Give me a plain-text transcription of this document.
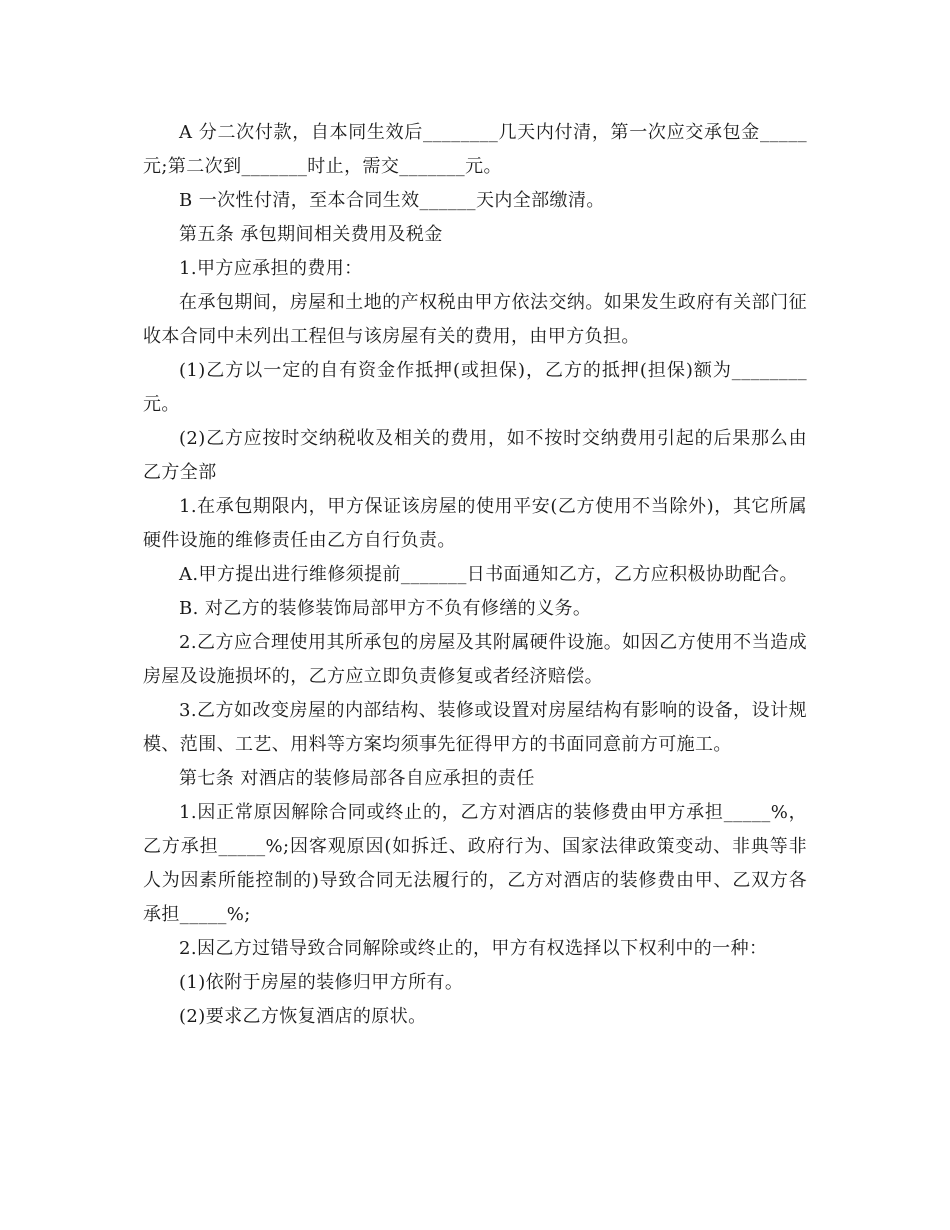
A 分二次付款，自本同生效后________几天内付清，第一次应交承包金_____元;第二次到_______时止，需交_______元。

B 一次性付清，至本合同生效______天内全部缴清。

第五条 承包期间相关费用及税金

1.甲方应承担的费用：

在承包期间，房屋和土地的产权税由甲方依法交纳。如果发生政府有关部门征收本合同中未列出工程但与该房屋有关的费用，由甲方负担。

(1)乙方以一定的自有资金作抵押(或担保)，乙方的抵押(担保)额为________元。

(2)乙方应按时交纳税收及相关的费用，如不按时交纳费用引起的后果那么由乙方全部

1.在承包期限内，甲方保证该房屋的使用平安(乙方使用不当除外)，其它所属硬件设施的维修责任由乙方自行负责。

A.甲方提出进行维修须提前_______日书面通知乙方，乙方应积极协助配合。

B. 对乙方的装修装饰局部甲方不负有修缮的义务。

2.乙方应合理使用其所承包的房屋及其附属硬件设施。如因乙方使用不当造成房屋及设施损坏的，乙方应立即负责修复或者经济赔偿。

3.乙方如改变房屋的内部结构、装修或设置对房屋结构有影响的设备，设计规模、范围、工艺、用料等方案均须事先征得甲方的书面同意前方可施工。

第七条 对酒店的装修局部各自应承担的责任

1.因正常原因解除合同或终止的，乙方对酒店的装修费由甲方承担_____%，乙方承担_____%;因客观原因(如拆迁、政府行为、国家法律政策变动、非典等非人为因素所能控制的)导致合同无法履行的，乙方对酒店的装修费由甲、乙双方各承担_____%;

2.因乙方过错导致合同解除或终止的，甲方有权选择以下权利中的一种：

(1)依附于房屋的装修归甲方所有。

(2)要求乙方恢复酒店的原状。
